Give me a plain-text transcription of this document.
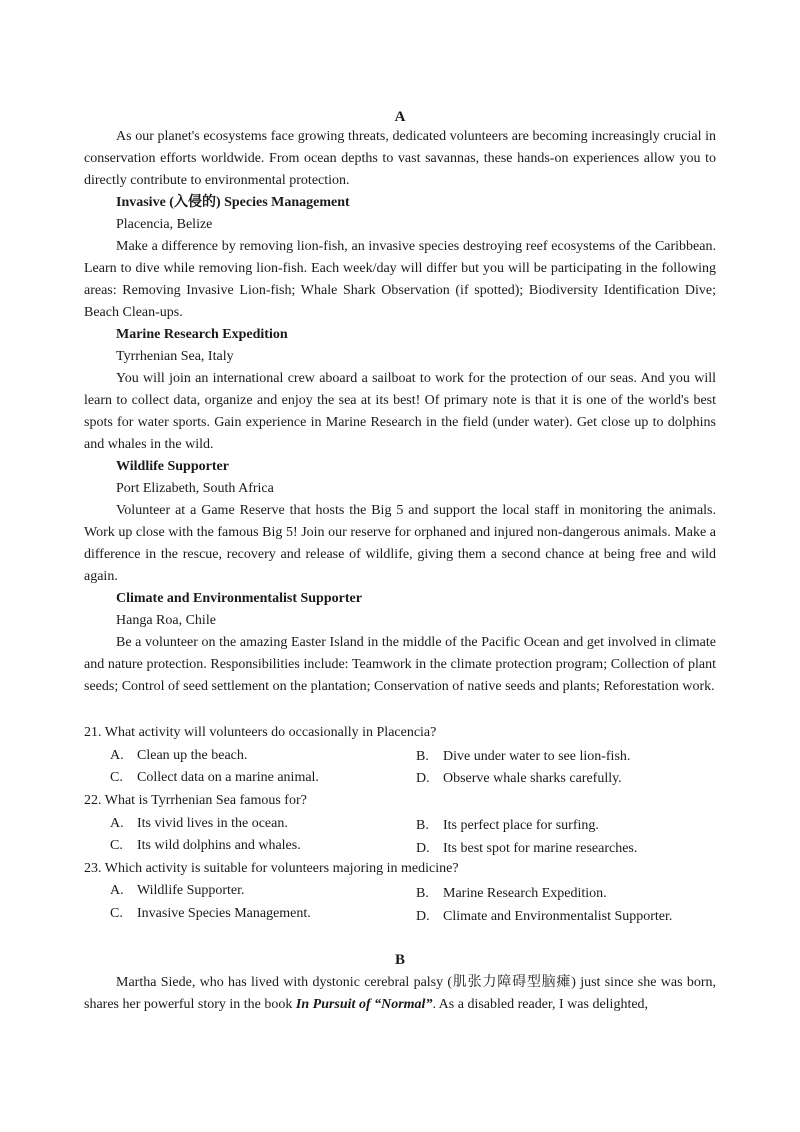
A

As our planet's ecosystems face growing threats, dedicated volunteers are becoming increasingly crucial in conservation efforts worldwide. From ocean depths to vast savannas, these hands-on experiences allow you to directly contribute to environmental protection.

Invasive (入侵的) Species Management
Placencia, Belize

Make a difference by removing lion-fish, an invasive species destroying reef ecosystems of the Caribbean. Learn to dive while removing lion-fish. Each week/day will differ but you will be participating in the following areas: Removing Invasive Lion-fish; Whale Shark Observation (if spotted); Biodiversity Identification Dive; Beach Clean-ups.

Marine Research Expedition
Tyrrhenian Sea, Italy

You will join an international crew aboard a sailboat to work for the protection of our seas. And you will learn to collect data, organize and enjoy the sea at its best! Of primary note is that it is one of the world's best spots for water sports. Gain experience in Marine Research in the field (under water). Get close up to dolphins and whales in the wild.

Wildlife Supporter
Port Elizabeth, South Africa

Volunteer at a Game Reserve that hosts the Big 5 and support the local staff in monitoring the animals. Work up close with the famous Big 5! Join our reserve for orphaned and injured non-dangerous animals. Make a difference in the rescue, recovery and release of wildlife, giving them a second chance at being free and wild again.

Climate and Environmentalist Supporter
Hanga Roa, Chile

Be a volunteer on the amazing Easter Island in the middle of the Pacific Ocean and get involved in climate and nature protection. Responsibilities include: Teamwork in the climate protection program; Collection of plant seeds; Control of seed settlement on the plantation; Conservation of native seeds and plants; Reforestation work.

21. What activity will volunteers do occasionally in Placencia?
A. Clean up the beach.	B. Dive under water to see lion-fish.
C. Collect data on a marine animal.	D. Observe whale sharks carefully.
22. What is Tyrrhenian Sea famous for?
A. Its vivid lives in the ocean.	B. Its perfect place for surfing.
C. Its wild dolphins and whales.	D. Its best spot for marine researches.
23. Which activity is suitable for volunteers majoring in medicine?
A. Wildlife Supporter.	B. Marine Research Expedition.
C. Invasive Species Management.	D. Climate and Environmentalist Supporter.
B

Martha Siede, who has lived with dystonic cerebral palsy (肌张力障碍型脑瘫) just since she was born, shares her powerful story in the book In Pursuit of “Normal”. As a disabled reader, I was delighted,
